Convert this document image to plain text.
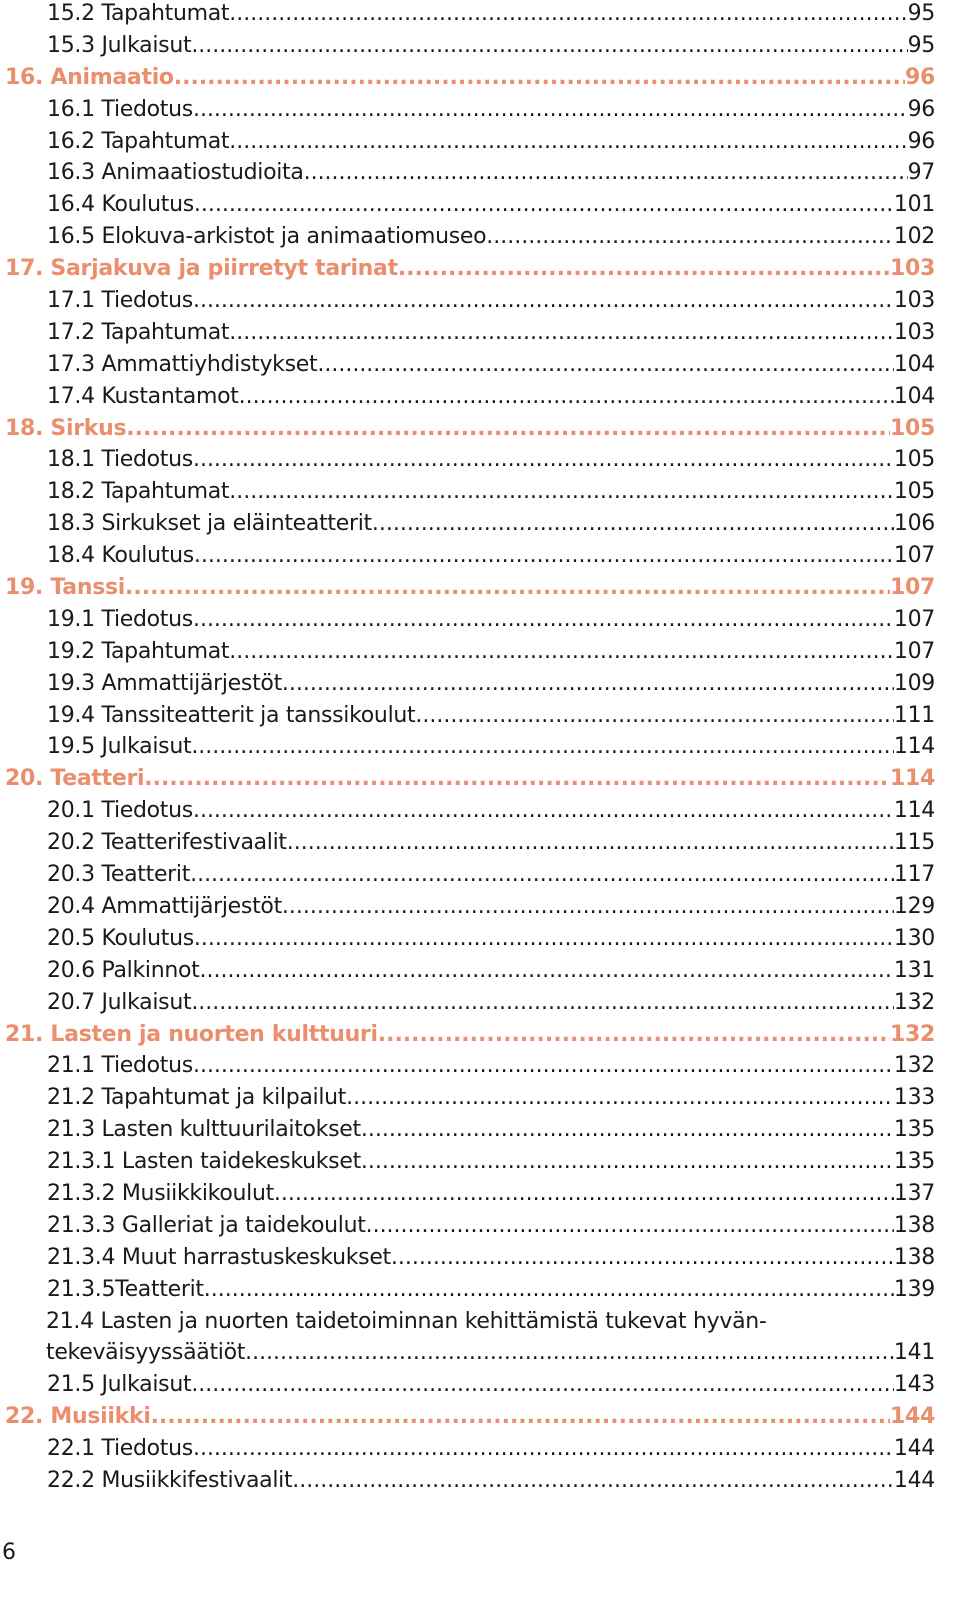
15.2 Tapahtumat .....	95
15.3 Julkaisut .....	95
16. Animaatio .....	96
16.1 Tiedotus .....	96
16.2 Tapahtumat .....	96
16.3 Animaatiostudioita .....	97
16.4 Koulutus .....	101
16.5 Elokuva-arkistot ja animaatiomuseo .....	102
17. Sarjakuva ja piirretyt tarinat .....	103
17.1 Tiedotus .....	103
17.2 Tapahtumat .....	103
17.3 Ammattiyhdistykset .....	104
17.4 Kustantamot .....	104
18. Sirkus .....	105
18.1 Tiedotus .....	105
18.2 Tapahtumat .....	105
18.3 Sirkukset ja eläinteatterit .....	106
18.4 Koulutus .....	107
19. Tanssi .....	107
19.1 Tiedotus .....	107
19.2 Tapahtumat .....	107
19.3 Ammattijärjestöt .....	109
19.4 Tanssiteatterit ja tanssikoulut .....	111
19.5 Julkaisut .....	114
20. Teatteri .....	114
20.1 Tiedotus .....	114
20.2 Teatterifestivaalit .....	115
20.3 Teatterit .....	117
20.4 Ammattijärjestöt .....	129
20.5 Koulutus .....	130
20.6 Palkinnot .....	131
20.7 Julkaisut .....	132
21. Lasten ja nuorten kulttuuri .....	132
21.1 Tiedotus .....	132
21.2 Tapahtumat ja kilpailut .....	133
21.3 Lasten kulttuurilaitokset .....	135
21.3.1 Lasten taidekeskukset .....	135
21.3.2 Musiikkikoulut .....	137
21.3.3 Galleriat ja taidekoulut .....	138
21.3.4 Muut harrastuskeskukset .....	138
21.3.5Teatterit .....	139
21.4 Lasten ja nuorten taidetoiminnan kehittämistä tukevat hyvän-
tekeväisyyssäätiöt .....	141
21.5 Julkaisut .....	143
22. Musiikki .....	144
22.1 Tiedotus .....	144
22.2 Musiikkifestivaalit .....	144
6
